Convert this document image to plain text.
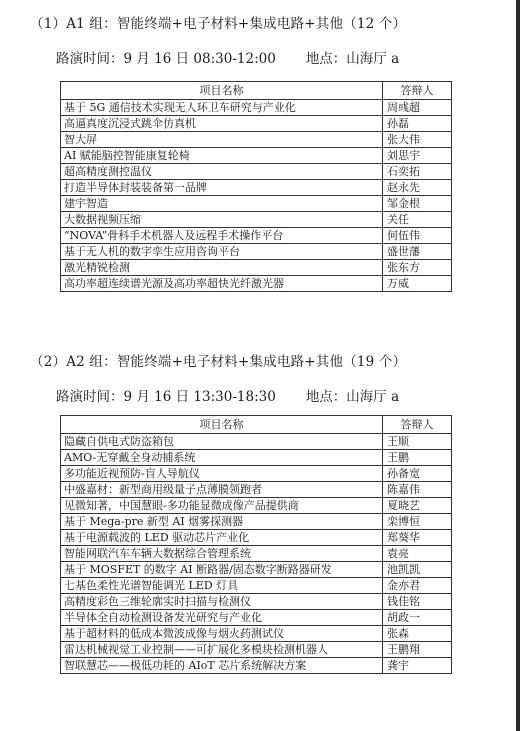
（1）A1 组：智能终端+电子材料+集成电路+其他（12 个）
路演时间：9 月 16 日 08:30-12:00 地点：山海厅 a
项目名称	答辩人
基于 5G 通信技术实现无人环卫车研究与产业化	周彧超
高逼真度沉浸式跳伞仿真机	孙磊
智大屏	张大伟
AI 赋能脑控智能康复轮椅	刘思宇
超高精度测控温仪	石奕拓
打造半导体封装装备第一品牌	赵永先
建宇智造	邹金根
大数据视频压缩	关任
“NOVA”骨科手术机器人及远程手术操作平台	何伍伟
基于无人机的数字孪生应用咨询平台	盛世藩
激光精锐检测	张东方
高功率超连续谱光源及高功率超快光纤激光器	万威
（2）A2 组：智能终端+电子材料+集成电路+其他（19 个）
路演时间：9 月 16 日 13:30-18:30 地点：山海厅 a
项目名称	答辩人
隐藏自供电式防盗箱包	王顺
AMO-无穿戴全身动捕系统	王鹏
多功能近视预防-盲人导航仪	孙备宽
中盛嘉材：新型商用级量子点薄膜领跑者	陈嘉伟
见微知著，中国慧眼-多功能显微成像产品提供商	夏晓艺
基于 Mega-pre 新型 AI 烟雾探测器	栾博恒
基于电源载波的 LED 驱动芯片产业化	郑葵华
智能网联汽车车辆大数据综合管理系统	袁亮
基于 MOSFET 的数字 AI 断路器/固态数字断路器研发	池凯凯
七基色柔性光谱智能调光 LED 灯具	金亦君
高精度彩色三维轮廓实时扫描与检测仪	钱佳铭
半导体全自动检测设备发光研究与产业化	胡政一
基于超材料的低成本微波成像与烟火药测试仪	张森
雷达机械视觉工业控制——可扩展化多模块检测机器人	王鹏翔
智联慧芯——极低功耗的 AIoT 芯片系统解决方案	龚宇
